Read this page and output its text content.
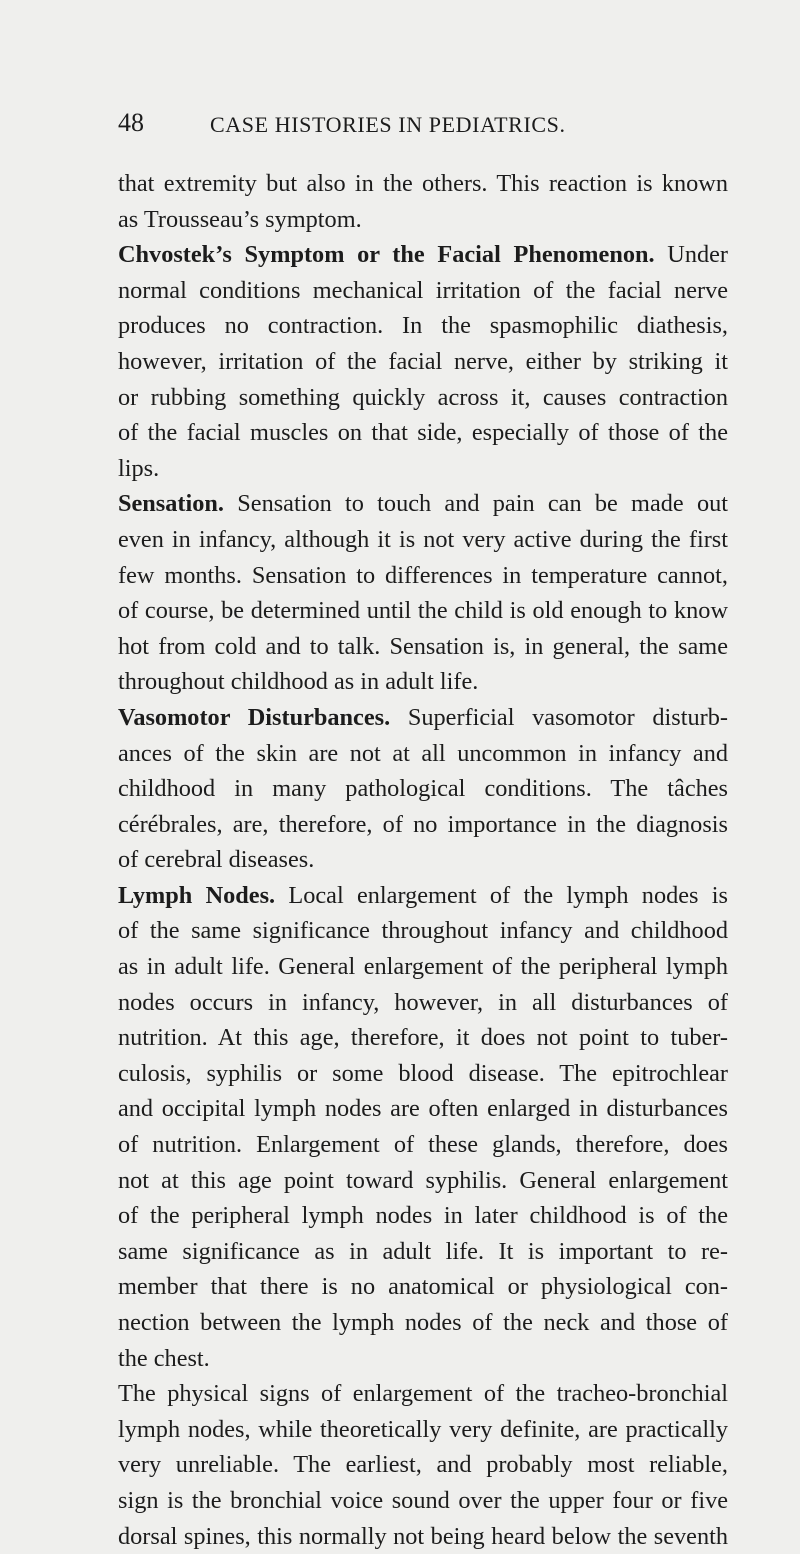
48	CASE HISTORIES IN PEDIATRICS.
that extremity but also in the others. This reaction is known
as Trousseau’s symptom.
Chvostek’s Symptom or the Facial Phenomenon. Under
normal conditions mechanical irritation of the facial nerve
produces no contraction. In the spasmophilic diathesis,
however, irritation of the facial nerve, either by striking it
or rubbing something quickly across it, causes contraction
of the facial muscles on that side, especially of those of the
lips.
Sensation. Sensation to touch and pain can be made out
even in infancy, although it is not very active during the first
few months. Sensation to differences in temperature cannot,
of course, be determined until the child is old enough to know
hot from cold and to talk. Sensation is, in general, the same
throughout childhood as in adult life.
Vasomotor Disturbances. Superficial vasomotor disturb-
ances of the skin are not at all uncommon in infancy and
childhood in many pathological conditions. The tâches
cérébrales, are, therefore, of no importance in the diagnosis
of cerebral diseases.
Lymph Nodes. Local enlargement of the lymph nodes is
of the same significance throughout infancy and childhood
as in adult life. General enlargement of the peripheral lymph
nodes occurs in infancy, however, in all disturbances of
nutrition. At this age, therefore, it does not point to tuber-
culosis, syphilis or some blood disease. The epitrochlear
and occipital lymph nodes are often enlarged in disturbances
of nutrition. Enlargement of these glands, therefore, does
not at this age point toward syphilis. General enlargement
of the peripheral lymph nodes in later childhood is of the
same significance as in adult life. It is important to re-
member that there is no anatomical or physiological con-
nection between the lymph nodes of the neck and those of
the chest.
The physical signs of enlargement of the tracheo-bronchial
lymph nodes, while theoretically very definite, are practically
very unreliable. The earliest, and probably most reliable,
sign is the bronchial voice sound over the upper four or five
dorsal spines, this normally not being heard below the seventh
